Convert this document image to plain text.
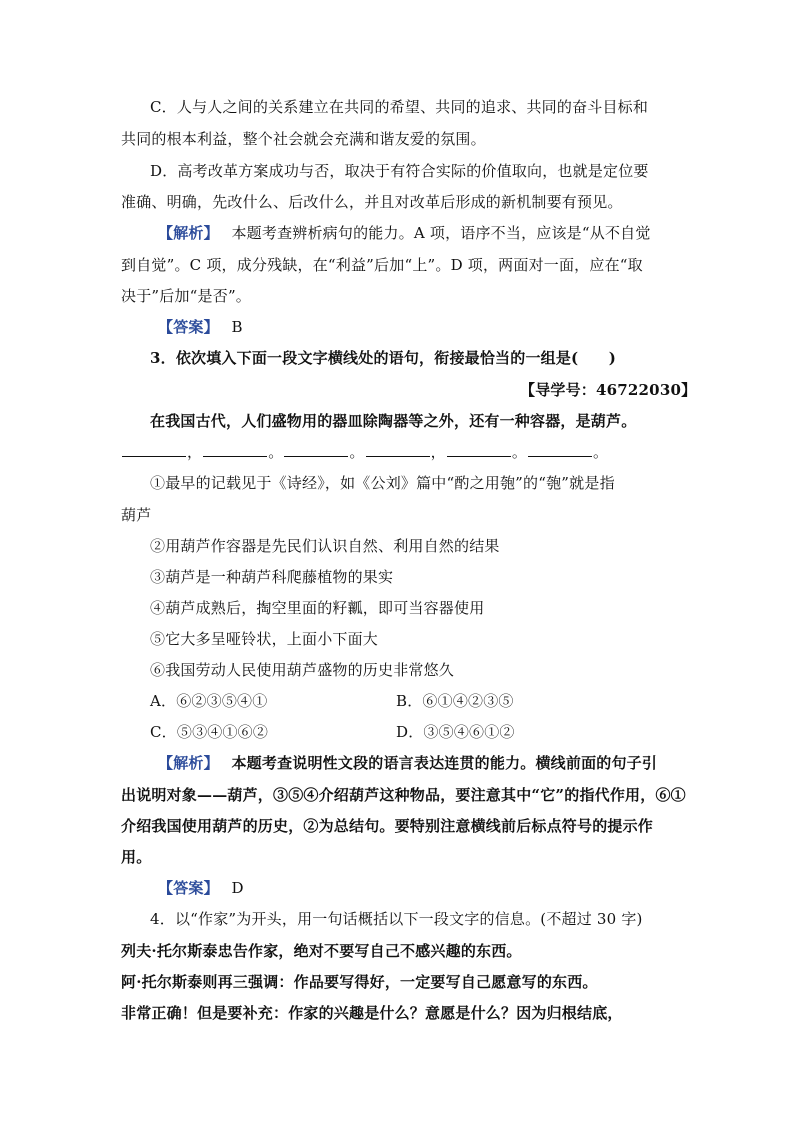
C．人与人之间的关系建立在共同的希望、共同的追求、共同的奋斗目标和
共同的根本利益，整个社会就会充满和谐友爱的氛围。
D．高考改革方案成功与否，取决于有符合实际的价值取向，也就是定位要
准确、明确，先改什么、后改什么，并且对改革后形成的新机制要有预见。
【解析】　 本题考查辨析病句的能力。A 项，语序不当，应该是“从不自觉
到自觉”。C 项，成分残缺，在“利益”后加“上”。D 项，两面对一面，应在“取
决于”后加“是否”。
【答案】　 B
3．依次填入下面一段文字横线处的语句，衔接最恰当的一组是(　　)
【导学号：46722030】
在我国古代，人们盛物用的器皿除陶器等之外，还有一种容器，是葫芦。
，	。	。	，	。	。
①最早的记载见于《诗经》，如《公刘》篇中“酌之用匏”的“匏”就是指
葫芦
②用葫芦作容器是先民们认识自然、利用自然的结果
③葫芦是一种葫芦科爬藤植物的果实
④葫芦成熟后，掏空里面的籽瓤，即可当容器使用
⑤它大多呈哑铃状，上面小下面大
⑥我国劳动人民使用葫芦盛物的历史非常悠久
A．⑥②③⑤④①	B．⑥①④②③⑤
C．⑤③④①⑥②	D．③⑤④⑥①②
【解析】　 本题考查说明性文段的语言表达连贯的能力。横线前面的句子引
出说明对象——葫芦，③⑤④介绍葫芦这种物品，要注意其中“它”的指代作用，⑥①
介绍我国使用葫芦的历史，②为总结句。要特别注意横线前后标点符号的提示作
用。
【答案】　 D
4．以“作家”为开头，用一句话概括以下一段文字的信息。(不超过 30 字)
列夫·托尔斯泰忠告作家，绝对不要写自己不感兴趣的东西。
阿·托尔斯泰则再三强调：作品要写得好，一定要写自己愿意写的东西。
非常正确！但是要补充：作家的兴趣是什么？意愿是什么？因为归根结底，
